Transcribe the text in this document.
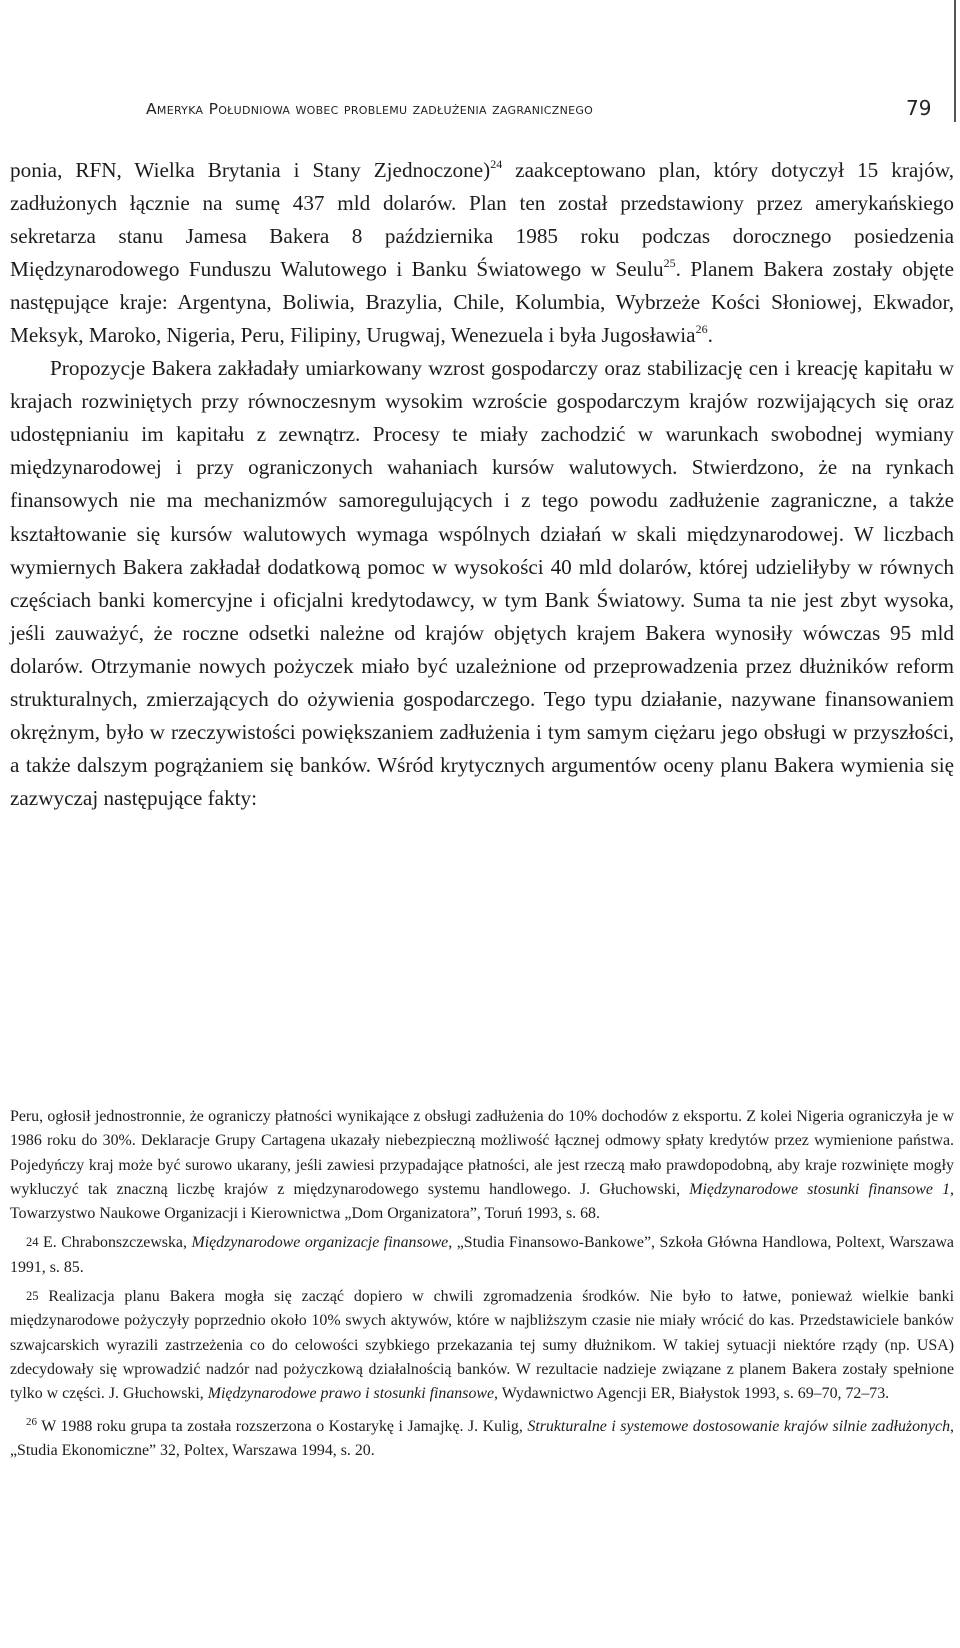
Ameryka Południowa wobec problemu zadłużenia zagranicznego	79

ponia, RFN, Wielka Brytania i Stany Zjednoczone)$^{24}$ zaakceptowano plan, który dotyczył 15 krajów, zadłużonych łącznie na sumę 437 mld dolarów. Plan ten został przedstawiony przez amerykańskiego sekretarza stanu Jamesa Bakera 8 października 1985 roku podczas dorocznego posiedzenia Międzynarodowego Funduszu Walutowego i Banku Światowego w Seulu$^{25}$. Planem Bakera zostały objęte następujące kraje: Argentyna, Boliwia, Brazylia, Chile, Kolumbia, Wybrzeże Kości Słoniowej, Ekwador, Meksyk, Maroko, Nigeria, Peru, Filipiny, Urugwaj, Wenezuela i była Jugosławia$^{26}$.

Propozycje Bakera zakładały umiarkowany wzrost gospodarczy oraz stabilizację cen i kreację kapitału w krajach rozwiniętych przy równoczesnym wysokim wzroście gospodarczym krajów rozwijających się oraz udostępnianiu im kapitału z zewnątrz. Procesy te miały zachodzić w warunkach swobodnej wymiany międzynarodowej i przy ograniczonych wahaniach kursów walutowych. Stwierdzono, że na rynkach finansowych nie ma mechanizmów samoregulujących i z tego powodu zadłużenie zagraniczne, a także kształtowanie się kursów walutowych wymaga wspólnych działań w skali międzynarodowej. W liczbach wymiernych Bakera zakładał dodatkową pomoc w wysokości 40 mld dolarów, której udzieliłyby w równych częściach banki komercyjne i oficjalni kredytodawcy, w tym Bank Światowy. Suma ta nie jest zbyt wysoka, jeśli zauważyć, że roczne odsetki należne od krajów objętych krajem Bakera wynosiły wówczas 95 mld dolarów. Otrzymanie nowych pożyczek miało być uzależnione od przeprowadzenia przez dłużników reform strukturalnych, zmierzających do ożywienia gospodarczego. Tego typu działanie, nazywane finansowaniem okrężnym, było w rzeczywistości powiększaniem zadłużenia i tym samym ciężaru jego obsługi w przyszłości, a także dalszym pogrążaniem się banków. Wśród krytycznych argumentów oceny planu Bakera wymienia się zazwyczaj następujące fakty:

Peru, ogłosił jednostronnie, że ograniczy płatności wynikające z obsługi zadłużenia do 10% dochodów z eksportu. Z kolei Nigeria ograniczyła je w 1986 roku do 30%. Deklaracje Grupy Cartagena ukazały niebezpieczną możliwość łącznej odmowy spłaty kredytów przez wymienione państwa. Pojedyńczy kraj może być surowo ukarany, jeśli zawiesi przypadające płatności, ale jest rzeczą mało prawdopodobną, aby kraje rozwinięte mogły wykluczyć tak znaczną liczbę krajów z międzynarodowego systemu handlowego. J. Głuchowski, Międzynarodowe stosunki finansowe 1, Towarzystwo Naukowe Organizacji i Kierownictwa „Dom Organizatora”, Toruń 1993, s. 68.

24 E. Chrabonszczewska, Międzynarodowe organizacje finansowe, „Studia Finansowo-Bankowe”, Szkoła Główna Handlowa, Poltext, Warszawa 1991, s. 85.

25 Realizacja planu Bakera mogła się zacząć dopiero w chwili zgromadzenia środków. Nie było to łatwe, ponieważ wielkie banki międzynarodowe pożyczyły poprzednio około 10% swych aktywów, które w najbliższym czasie nie miały wrócić do kas. Przedstawiciele banków szwajcarskich wyrazili zastrzeżenia co do celowości szybkiego przekazania tej sumy dłużnikom. W takiej sytuacji niektóre rządy (np. USA) zdecydowały się wprowadzić nadzór nad pożyczkową działalnością banków. W rezultacie nadzieje związane z planem Bakera zostały spełnione tylko w części. J. Głuchowski, Międzynarodowe prawo i stosunki finansowe, Wydawnictwo Agencji ER, Białystok 1993, s. 69–70, 72–73.

$^{26}$ W 1988 roku grupa ta została rozszerzona o Kostarykę i Jamajkę. J. Kulig, Strukturalne i systemowe dostosowanie krajów silnie zadłużonych, „Studia Ekonomiczne” 32, Poltex, Warszawa 1994, s. 20.
